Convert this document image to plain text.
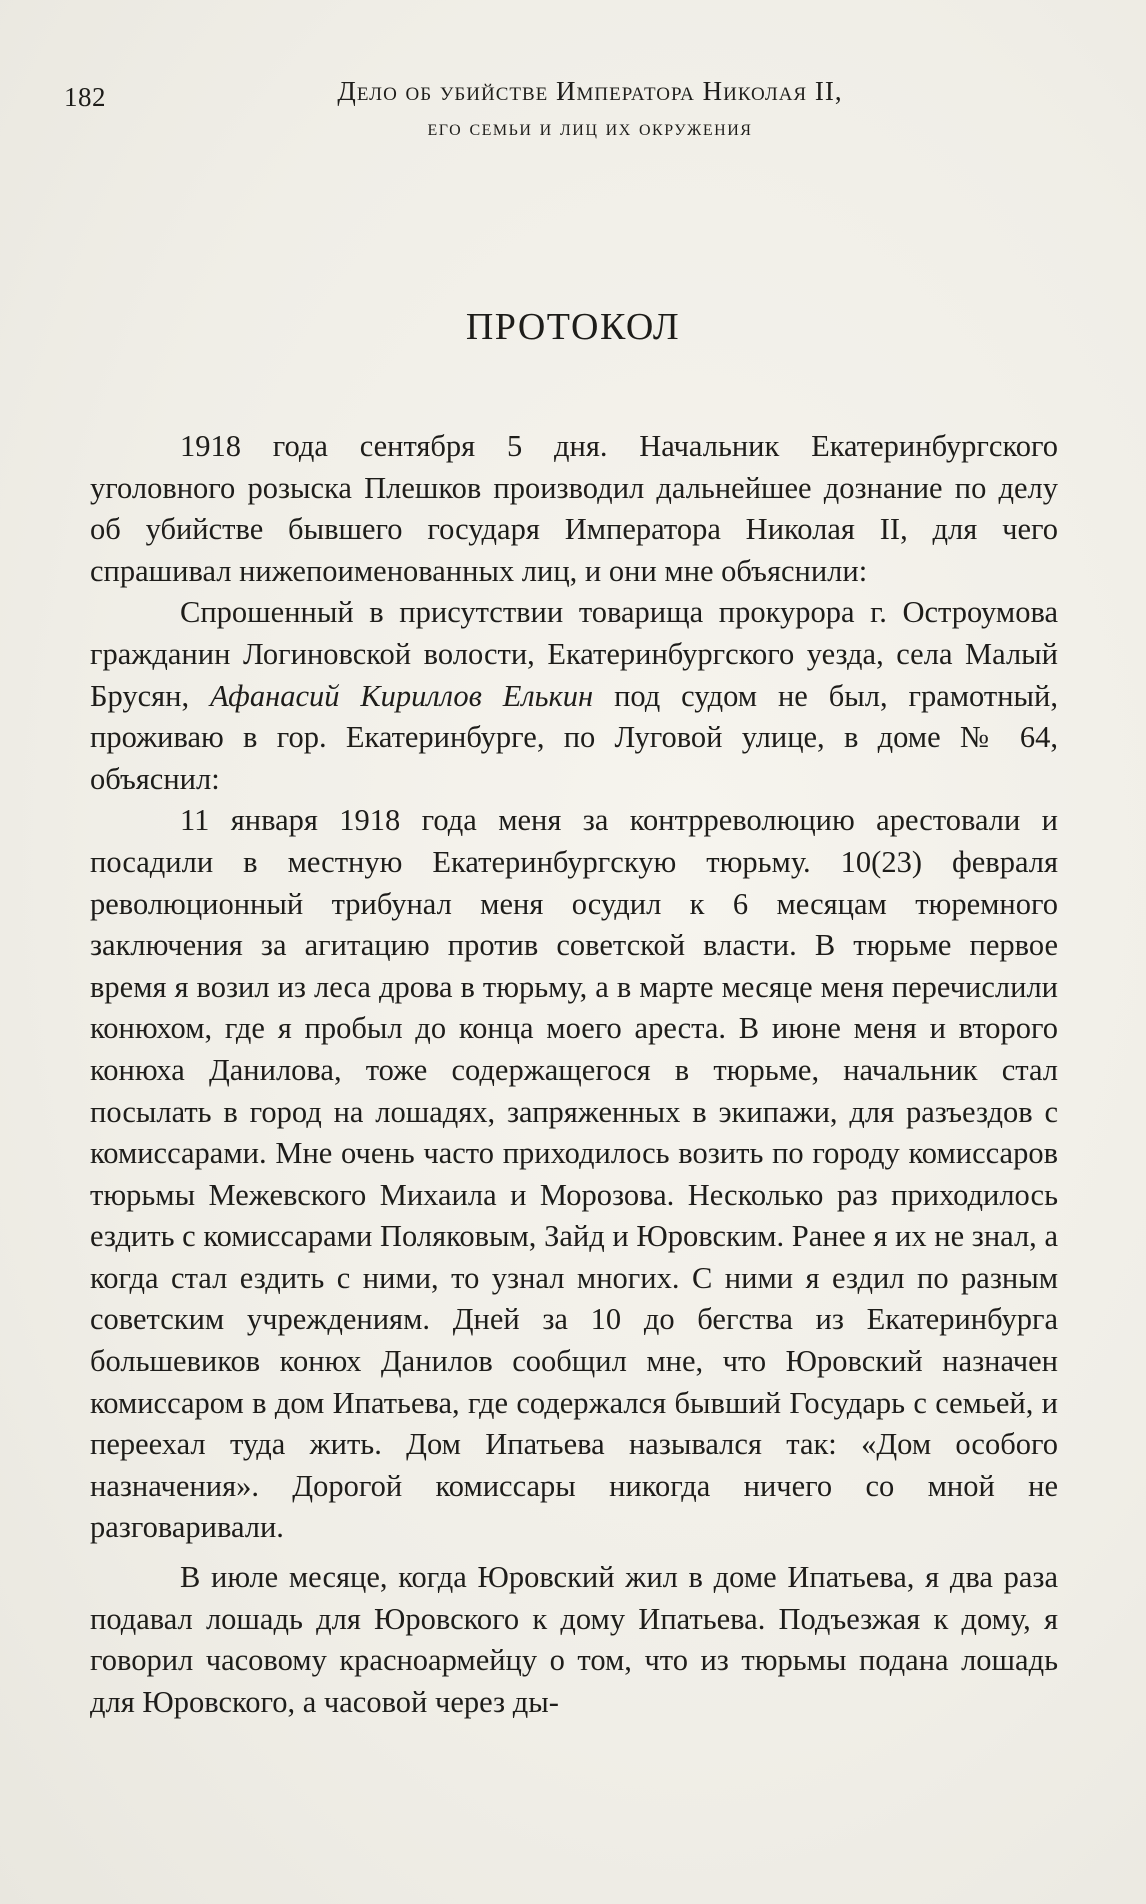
182	Дело об убийстве Императора Николая II,
его семьи и лиц их окружения
ПРОТОКОЛ

1918 года сентября 5 дня. Начальник Екатеринбургского уголовного розыска Плешков производил дальнейшее дознание по делу об убийстве бывшего государя Императора Николая II, для чего спрашивал нижепоименованных лиц, и они мне объяснили:

Спрошенный в присутствии товарища прокурора г. Остроумова гражданин Логиновской волости, Екатеринбургского уезда, села Малый Брусян, Афанасий Кириллов Елькин под судом не был, грамотный, проживаю в гор. Екатеринбурге, по Луговой улице, в доме № 64, объяснил:

11 января 1918 года меня за контрреволюцию арестовали и посадили в местную Екатеринбургскую тюрьму. 10(23) февраля революционный трибунал меня осудил к 6 месяцам тюремного заключения за агитацию против советской власти. В тюрьме первое время я возил из леса дрова в тюрьму, а в марте месяце меня перечислили конюхом, где я пробыл до конца моего ареста. В июне меня и второго конюха Данилова, тоже содержащегося в тюрьме, начальник стал посылать в город на лошадях, запряженных в экипажи, для разъездов с комиссарами. Мне очень часто приходилось возить по городу комиссаров тюрьмы Межевского Михаила и Морозова. Несколько раз приходилось ездить с комиссарами Поляковым, Зайд и Юровским. Ранее я их не знал, а когда стал ездить с ними, то узнал многих. С ними я ездил по разным советским учреждениям. Дней за 10 до бегства из Екатеринбурга большевиков конюх Данилов сообщил мне, что Юровский назначен комиссаром в дом Ипатьева, где содержался бывший Государь с семьей, и переехал туда жить. Дом Ипатьева назывался так: «Дом особого назначения». Дорогой комиссары никогда ничего со мной не разговаривали.

В июле месяце, когда Юровский жил в доме Ипатьева, я два раза подавал лошадь для Юровского к дому Ипатьева. Подъезжая к дому, я говорил часовому красноармейцу о том, что из тюрьмы подана лошадь для Юровского, а часовой через ды-
